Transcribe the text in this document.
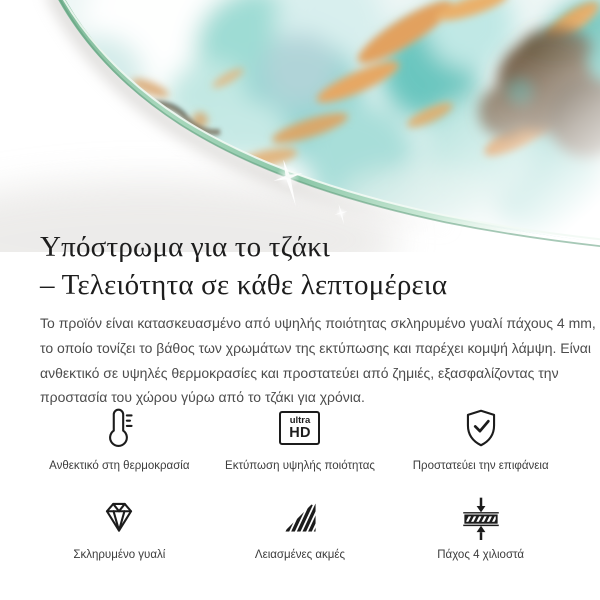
Υπόστρωμα για το τζάκι
– Τελειότητα σε κάθε λεπτομέρεια
Το προϊόν είναι κατασκευασμένο από υψηλής ποιότητας σκληρυμένο γυαλί πάχους 4 mm,
το οποίο τονίζει το βάθος των χρωμάτων της εκτύπωσης και παρέχει κομψή λάμψη. Είναι
ανθεκτικό σε υψηλές θερμοκρασίες και προστατεύει από ζημιές, εξασφαλίζοντας την
προστασία του χώρου γύρω από το τζάκι για χρόνια.
Ανθεκτικό στη θερμοκρασία
ultra
HD
Εκτύπωση υψηλής ποιότητας	Προστατεύει την επιφάνεια
Σκληρυμένο γυαλί	Λειασμένες ακμές	Πάχος 4 χιλιοστά
